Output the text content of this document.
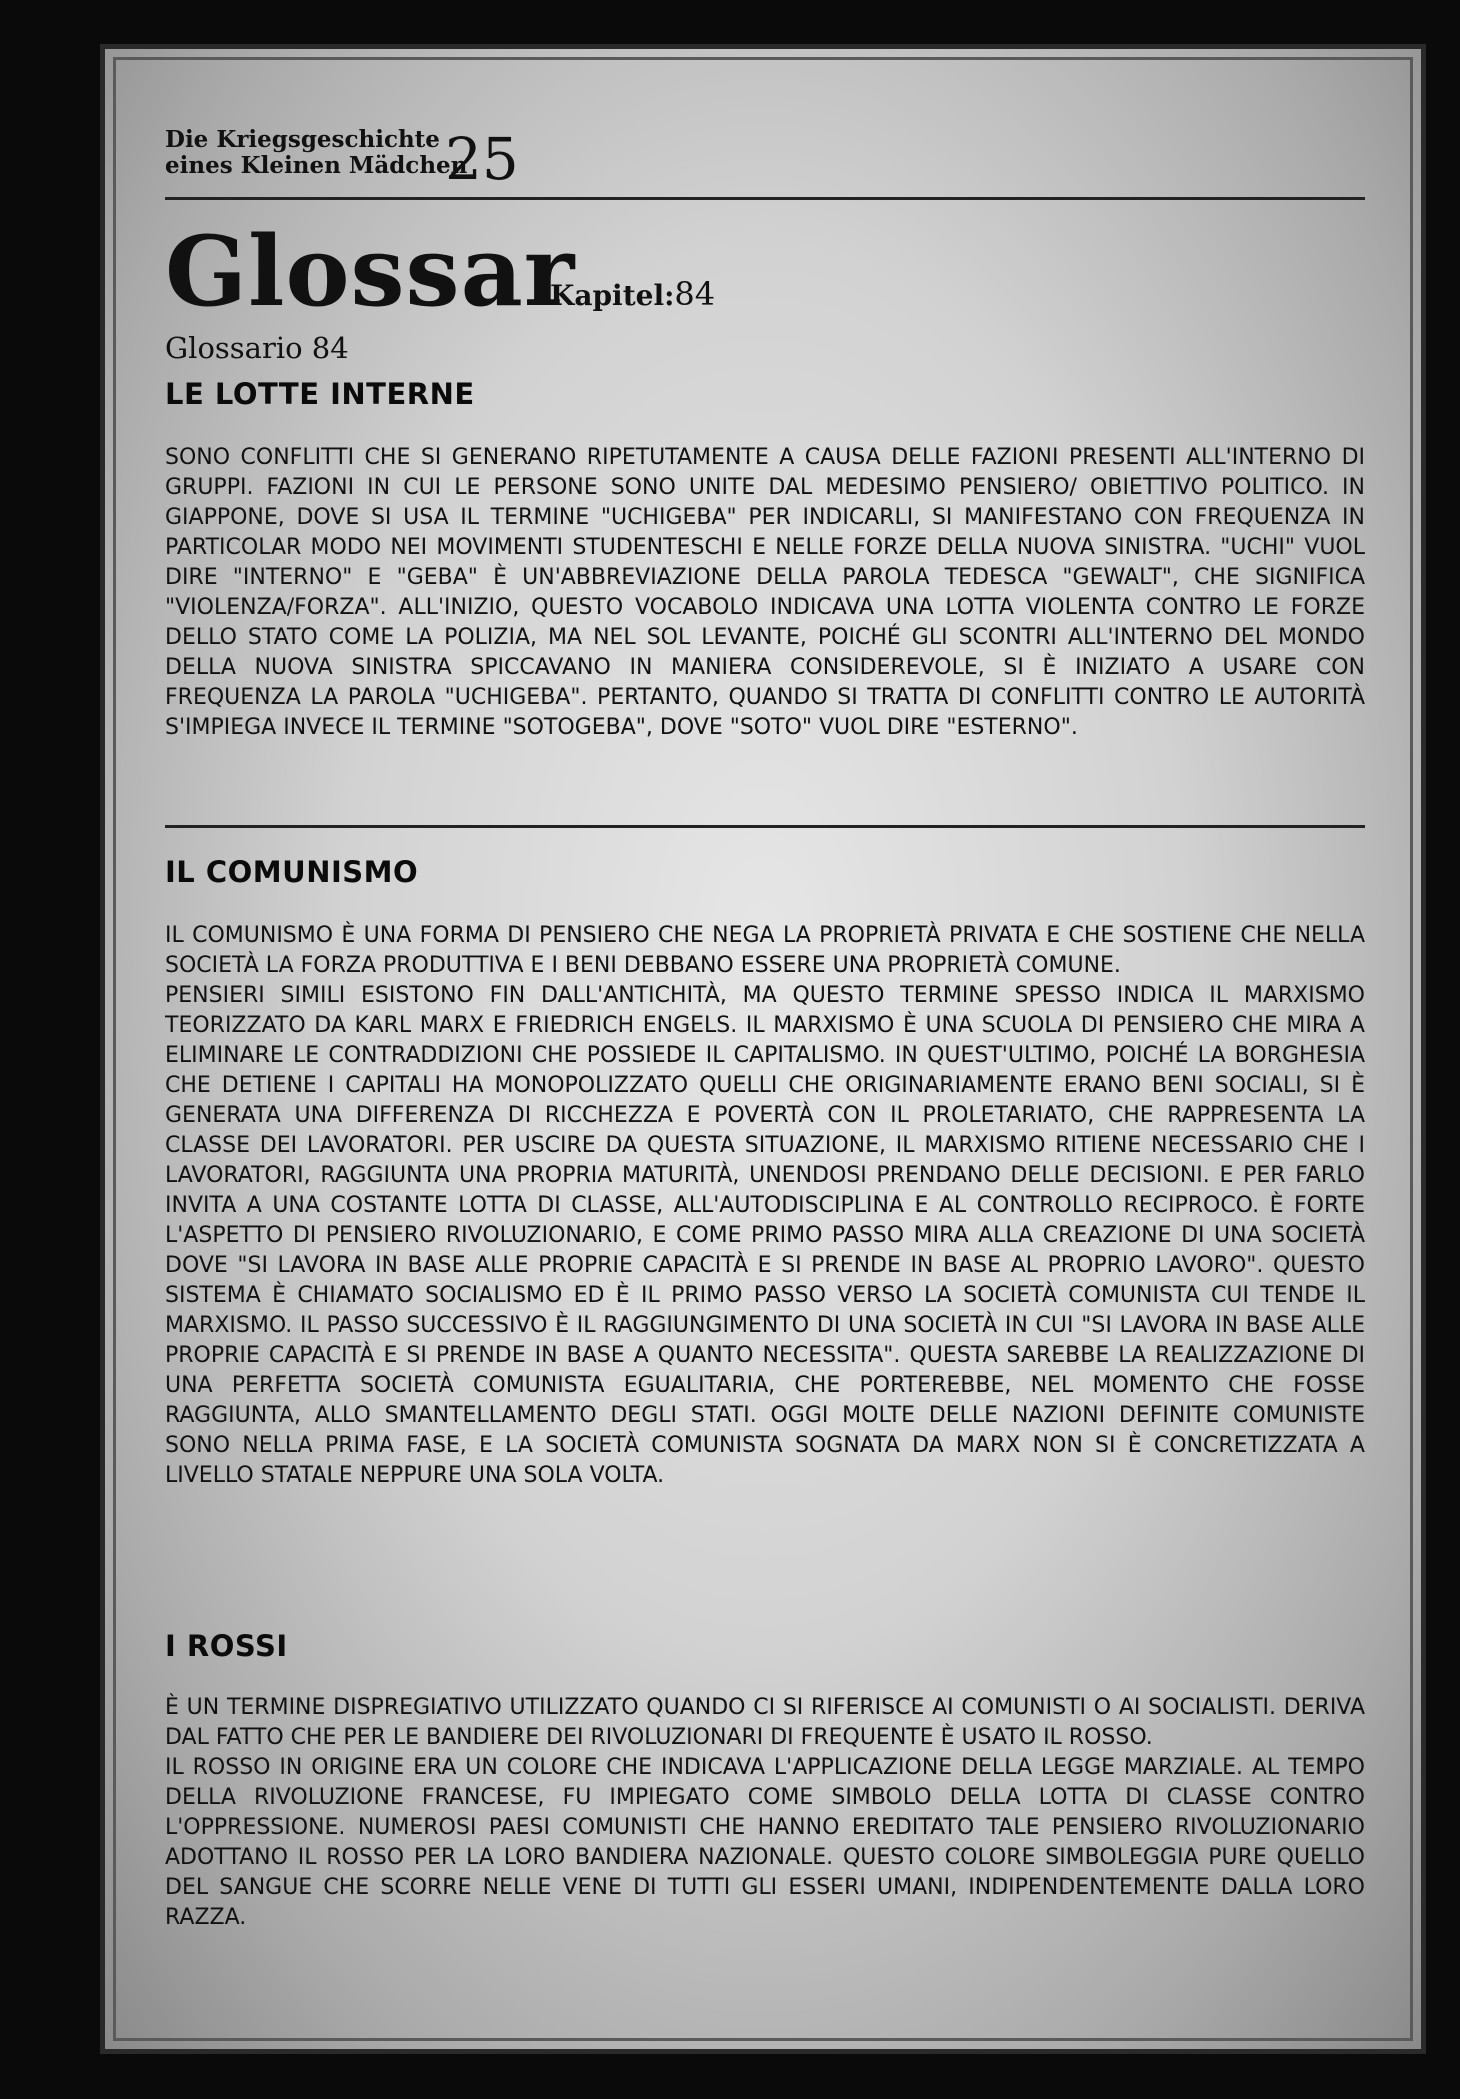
Die Kriegsgeschichte
eines Kleinen Mädchen
25
Glossar
Kapitel:84
Glossario 84
LE LOTTE INTERNE

SONO CONFLITTI CHE SI GENERANO RIPETUTAMENTE A CAUSA DELLE FAZIONI PRESENTI ALL'INTERNO DI GRUPPI. FAZIONI IN CUI LE PERSONE SONO UNITE DAL MEDESIMO PENSIERO/ OBIETTIVO POLITICO. IN GIAPPONE, DOVE SI USA IL TERMINE "UCHIGEBA" PER INDICARLI, SI MANIFESTANO CON FREQUENZA IN PARTICOLAR MODO NEI MOVIMENTI STUDENTESCHI E NELLE FORZE DELLA NUOVA SINISTRA. "UCHI" VUOL DIRE "INTERNO" E "GEBA" È UN'ABBREVIAZIONE DELLA PAROLA TEDESCA "GEWALT", CHE SIGNIFICA "VIOLENZA/FORZA". ALL'INIZIO, QUESTO VOCABOLO INDICAVA UNA LOTTA VIOLENTA CONTRO LE FORZE DELLO STATO COME LA POLIZIA, MA NEL SOL LEVANTE, POICHÉ GLI SCONTRI ALL'INTERNO DEL MONDO DELLA NUOVA SINISTRA SPICCAVANO IN MANIERA CONSIDEREVOLE, SI È INIZIATO A USARE CON FREQUENZA LA PAROLA "UCHIGEBA". PERTANTO, QUANDO SI TRATTA DI CONFLITTI CONTRO LE AUTORITÀ S'IMPIEGA INVECE IL TERMINE "SOTOGEBA", DOVE "SOTO" VUOL DIRE "ESTERNO".

IL COMUNISMO

IL COMUNISMO È UNA FORMA DI PENSIERO CHE NEGA LA PROPRIETÀ PRIVATA E CHE SOSTIENE CHE NELLA SOCIETÀ LA FORZA PRODUTTIVA E I BENI DEBBANO ESSERE UNA PROPRIETÀ COMUNE.

PENSIERI SIMILI ESISTONO FIN DALL'ANTICHITÀ, MA QUESTO TERMINE SPESSO INDICA IL MARXISMO TEORIZZATO DA KARL MARX E FRIEDRICH ENGELS. IL MARXISMO È UNA SCUOLA DI PENSIERO CHE MIRA A ELIMINARE LE CONTRADDIZIONI CHE POSSIEDE IL CAPITALISMO. IN QUEST'ULTIMO, POICHÉ LA BORGHESIA CHE DETIENE I CAPITALI HA MONOPOLIZZATO QUELLI CHE ORIGINARIAMENTE ERANO BENI SOCIALI, SI È GENERATA UNA DIFFERENZA DI RICCHEZZA E POVERTÀ CON IL PROLETARIATO, CHE RAPPRESENTA LA CLASSE DEI LAVORATORI. PER USCIRE DA QUESTA SITUAZIONE, IL MARXISMO RITIENE NECESSARIO CHE I LAVORATORI, RAGGIUNTA UNA PROPRIA MATURITÀ, UNENDOSI PRENDANO DELLE DECISIONI. E PER FARLO INVITA A UNA COSTANTE LOTTA DI CLASSE, ALL'AUTODISCIPLINA E AL CONTROLLO RECIPROCO. È FORTE L'ASPETTO DI PENSIERO RIVOLUZIONARIO, E COME PRIMO PASSO MIRA ALLA CREAZIONE DI UNA SOCIETÀ DOVE "SI LAVORA IN BASE ALLE PROPRIE CAPACITÀ E SI PRENDE IN BASE AL PROPRIO LAVORO". QUESTO SISTEMA È CHIAMATO SOCIALISMO ED È IL PRIMO PASSO VERSO LA SOCIETÀ COMUNISTA CUI TENDE IL MARXISMO. IL PASSO SUCCESSIVO È IL RAGGIUNGIMENTO DI UNA SOCIETÀ IN CUI "SI LAVORA IN BASE ALLE PROPRIE CAPACITÀ E SI PRENDE IN BASE A QUANTO NECESSITA". QUESTA SAREBBE LA REALIZZAZIONE DI UNA PERFETTA SOCIETÀ COMUNISTA EGUALITARIA, CHE PORTEREBBE, NEL MOMENTO CHE FOSSE RAGGIUNTA, ALLO SMANTELLAMENTO DEGLI STATI. OGGI MOLTE DELLE NAZIONI DEFINITE COMUNISTE SONO NELLA PRIMA FASE, E LA SOCIETÀ COMUNISTA SOGNATA DA MARX NON SI È CONCRETIZZATA A LIVELLO STATALE NEPPURE UNA SOLA VOLTA.

I ROSSI

È UN TERMINE DISPREGIATIVO UTILIZZATO QUANDO CI SI RIFERISCE AI COMUNISTI O AI SOCIALISTI. DERIVA DAL FATTO CHE PER LE BANDIERE DEI RIVOLUZIONARI DI FREQUENTE È USATO IL ROSSO.

IL ROSSO IN ORIGINE ERA UN COLORE CHE INDICAVA L'APPLICAZIONE DELLA LEGGE MARZIALE. AL TEMPO DELLA RIVOLUZIONE FRANCESE, FU IMPIEGATO COME SIMBOLO DELLA LOTTA DI CLASSE CONTRO L'OPPRESSIONE. NUMEROSI PAESI COMUNISTI CHE HANNO EREDITATO TALE PENSIERO RIVOLUZIONARIO ADOTTANO IL ROSSO PER LA LORO BANDIERA NAZIONALE. QUESTO COLORE SIMBOLEGGIA PURE QUELLO DEL SANGUE CHE SCORRE NELLE VENE DI TUTTI GLI ESSERI UMANI, INDIPENDENTEMENTE DALLA LORO RAZZA.
